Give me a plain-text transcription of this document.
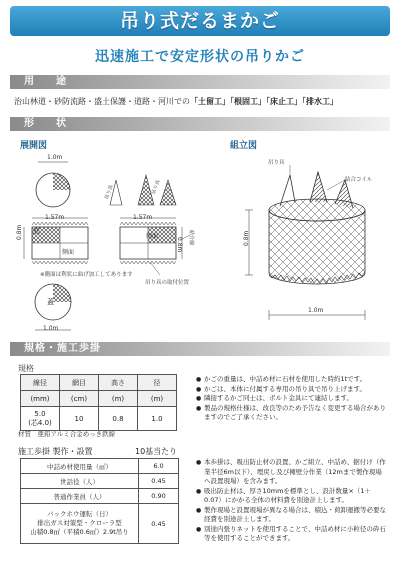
吊り式だるまかご
迅速施工で安定形状の吊りかご
用　途
治山林道・砂防流路・盛土保護・道路・河川での「土留工」「根固工」「床止工」「排水工」
形　状
展開図	組立図
1.0m
1.57m	1.57m
0.8m
0.8m
底
側面
側面
蓋
吊り具	吊り具
結合線
※側面は利状に曲げ加工してあります
吊り具の取付位置
1.0m
吊り具
結合コイル
0.8m
1.0m
規格・施工歩掛
規格
線径	網目	高さ	径
(mm)	(cm)	(m)	(m)
5.0
(芯4.0)	10	0.8	1.0
材質　亜鉛アルミ合金めっき鉄線
● かごの重量は、中詰め材に石材を使用した時約1tです。
● かごは、本体に付属する専用の吊り具で吊り上げます。
● 隣接するかご同士は、ボルト金具にて連結します。
● 製品の規格仕様は、改良等のため予告なく変更する場合がありますのでご了承ください。
施工歩掛 製作・設置	10基当たり
中詰め材使用量（㎥）	6.0
世話役（人）	0.45
普通作業員（人）	0.90
バックホウ運転（日）
排出ガス対策型・クローラ型
山積0.8㎥（平積0.6㎥）2.9t吊り	0.45
● 本歩掛は、吸出防止材の設置、かご組立、中詰め、据付け（作業半径6m以下）、埋戻し及び擁壁分作業（12mまで製作現場へ設置現場）を含みます。
● 吸出防止材は、厚さ10mmを標準とし、設計数量×（1＋0.07）にかかる全体の材料費を別途計上します。
● 製作現場と設置現場が異なる場合は、積込・荷卸運搬等必要な経費を別途計上します。
● 別途内張りネットを使用することで、中詰め材に小粒径の砕石等を使用することができます。
